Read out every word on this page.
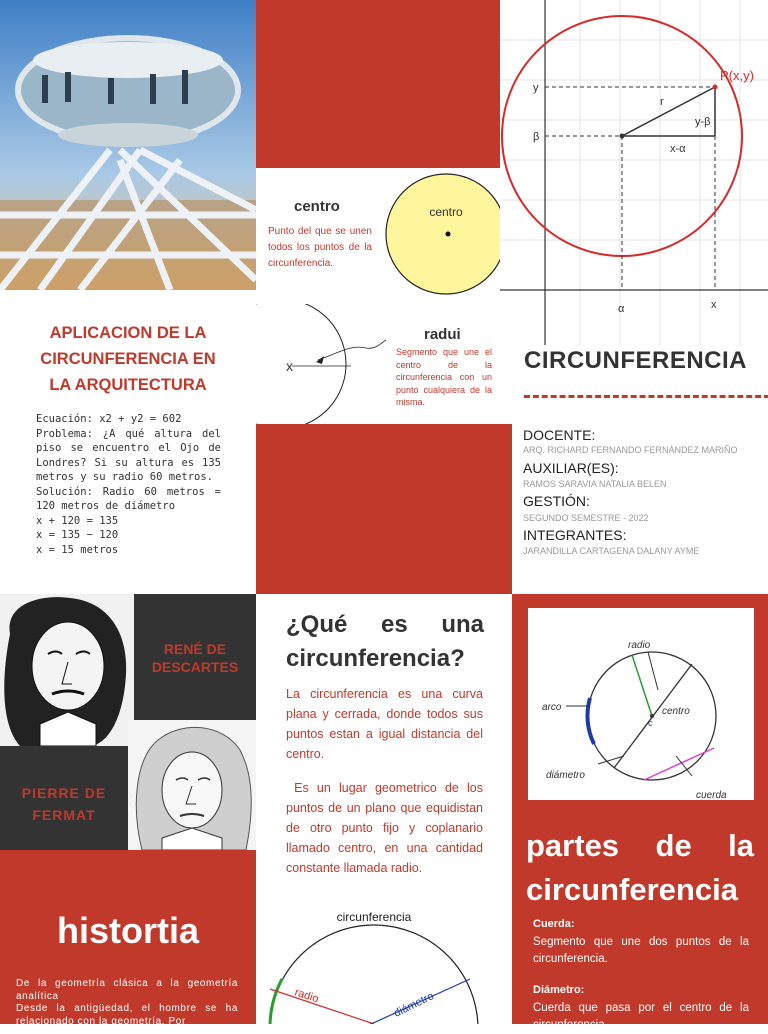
centro
Punto del que se unen todos los puntos de la circunferencia.
centro
x
radui
Segmento que une el centro de la circunferencia con un punto cualquiera de la misma.
P(x,y)
r
y-β
x-α
y
β
α	x
CIRCUNFERENCIA
DOCENTE:
ARQ. RICHARD FERNANDO FERNÁNDEZ MARIÑO
AUXILIAR(ES):
RAMOS SARAVIA NATALIA BELEN
GESTIÓN:
SEGUNDO SEMESTRE - 2022
INTEGRANTES:
JARANDILLA CARTAGENA DALANY AYME
APLICACION DE LA CIRCUNFERENCIA EN LA ARQUITECTURA
Ecuación: x2 + y2 = 602
Problema: ¿A qué altura del piso se encuentro el Ojo de Londres? Si su altura es 135 metros y su radio 60 metros.
Solución: Radio 60 metros = 120 metros de diámetro
x + 120 = 135
x = 135 − 120
x = 15 metros
RENÉ DE DESCARTES
PIERRE DE FERMAT
histortia
De la geometría clásica a la geometría analítica
Desde la antigüedad, el hombre se ha relacionado con la geometría. Por
¿Qué es una circunferencia?
La circunferencia es una curva plana y cerrada, donde todos sus puntos estan a igual distancia del centro.
Es un lugar geometrico de los puntos de un plano que equidistan de otro punto fijo y coplanario llamado centro, en una cantidad constante llamada radio.
circunferencia
radio	diámetro
radio
centro
c
arco
diámetro
cuerda
partes de la circunferencia
Cuerda:
Segmento que une dos puntos de la circunferencia.
Diámetro:
Cuerda que pasa por el centro de la circunferencia.
